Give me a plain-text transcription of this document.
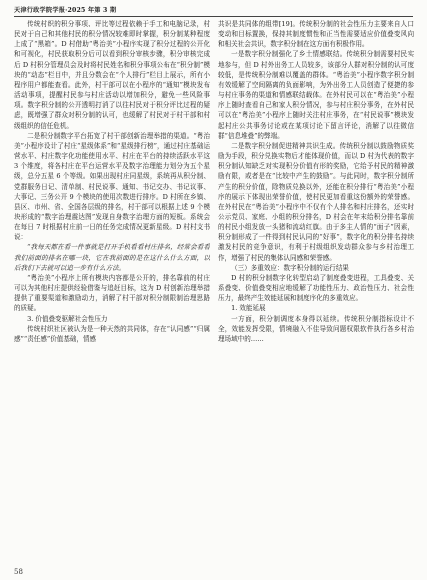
天津行政学院学报·2025 年第 3 期

传统村织的积分事项、评比等过程依赖于手工和电脑记录，村民对于自己和其他村民的积分情况较难即时掌握，积分制某种程度上成了“黑箱”。D 村借助“粤治美”小程序实现了积分过程的公开化和可视化，村民获取积分后可以看到积分审核步骤，积分审核完成后 D 村积分管理员会及时将村民姓名和积分事项公布在“积分制”模块的“动态”栏目中，并且分数会在“个人排行”栏目上展示，所有小程序用户都能查看。此外，村干部可以在小程序的“通知”模块发布活动事项，提醒村民参与村庄活动以增加积分，避免一些风险事项。数字积分制的公开透明打消了以往村民对于积分评比过程的疑虑，既增强了群众对积分制的认可，也缓解了村民对于村干部和村级组织的信任危机。

二是积分制数字平台拓宽了村干部创新治理举措的渠道。“粤治美”小程序设计了村庄“星级体系”和“星级排行榜”，通过村庄基础运营水平、村庄数字化功能使用水平、村庄在平台的持续活跃水平这 3 个维度，将各村庄在平台运营水平及数字治理能力划分为五个星级，总分五星 6 个等级。如果出现村庄同星级，系统再从积分制、党群服务日记、清单制、村民说事、通知、书记交办、书记议事、大事记、三务公开 9 个模块的使用次数进行排序。D 村所在乡镇、县区、市州、省、全国各层级的排名，村干部可以根据上述 9 个模块形成的“数字治理震达图”发现自身数字治理方面的短板。系统会在每日 7 时根据村庄前一日的任务完成情况更新星级。D 村村支书说：

“我每天都在看一件事就是打开手机看看村庄排名，经常会看看我们前面的排名在哪一块，它在我前面的是在这什么什么方面，以后我们下去就可以追一步有什么方法。

“粤治美”小程序上所有模块内容都是公开的，排名靠前的村庄可以为其他村庄提供经验借鉴与追赶目标，这为 D 村创新治理举措提供了重要渠道和激励动力，消解了村干部对积分制限制治理思路的质疑。

3. 价值叠变驱解社会性压力

传统村织社区被认为是一种天然的共同体，存在“认同感”“归属感”“责任感”价值基础，情感

共识是共同体的组带[19]。传统积分制的社会性压力主要来自人口变动和目标置换，保持其制度惯性和正当性需要适应价值叠变风向和相关社会共识，数字积分制在这方面有积极作用。

一是数字积分制强化了乡土情感联结。传统积分制需要村民实地参与，但 D 村外出务工人员较多，该部分人群对积分制的认可度较低，是传统积分制难以覆盖的群体。“粤治美”小程序数字积分制有效缓解了空间隔离的负面影响，为外出务工人员创造了便捷的参与村庄事务的渠道和情感联结载体。在外村民可以在“粤治美”小程序上随时查看自己和家人积分情况，参与村庄积分事务，在外村民可以在“粤治美”小程序上随时关注村庄事务，在“村民说事”模块发起村庄公共事务讨论或在某项讨论下留言评论，消解了以往微信群“信息堆叠”的弊端。

二是数字积分制促进精神共识生成。传统积分制以鼓励物质奖励为手段，积分兑换实物后才能体现价值，而以 D 村为代表的数字积分制认知缺乏对实现积分价值有形的奖励，它给予村民的精神激励有限，或者是在“比较中产生的鼓励”。与此同时，数字积分制所产生的积分价值，除物质兑换以外，还能在积分排行“粤治美”小程序的展示下体现出荣誉价值，使村民更加看重这份额外的荣誉感。在外村民在“粤治美”小程序中不仅有个人排名和村庄排名，还实时公示党员、家庭、小组的积分排名，D 村会在年末给积分排名靠前的村民小组发放一头猪和流动红旗。由于多主人情的“面子”因素，积分制形成了一件得到村民认同的“好事”，数字化的积分排名持续激发村民的竞争意识，有利于村级组织发动群众参与乡村治理工作，增强了村民的集体认同感和荣誉感。

（三）多重效应：数字积分制的运行结果

D 村的积分制数字化转型启动了制度叠变进程，工具叠变、关系叠变、价值叠变相应地缓解了功能性压力、政治性压力、社会性压力，最终产生效能延展和制度序化的多重效应。

1. 效能延展

一方面，积分制调度本身得以延续。传统积分制指标设计不全，效能发挥受限，情境融入不佳导致问题权限软件执行各乡村治理场域中的……

58
